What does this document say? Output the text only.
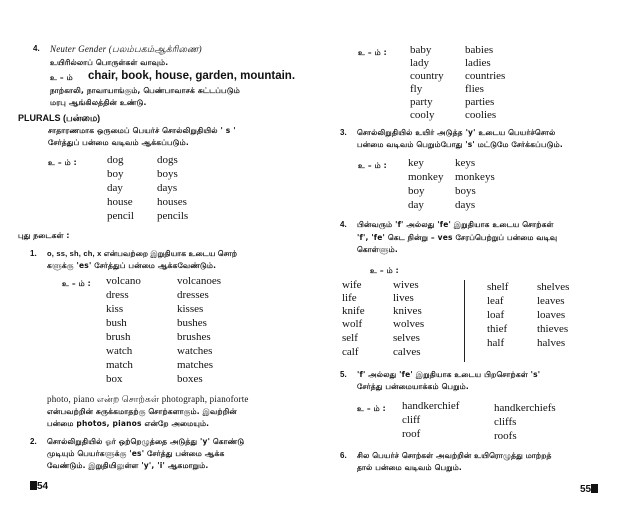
4. Neuter Gender (பலம்பகம்ஆக்ரிணை)
உயிரில்லாப் பொருள்கள் வாவும்.
உ – ம் chair, book, house, garden, mountain.
நாற்காலி, நாவாயாங்கும், பெண்பாவாசக் சுட்டப்படும்
மரபு ஆங்கிலத்தின் உண்டு.
PLURALS (பன்மை)
சாதாரணமாக ஒருமைப் பெயர்ச் சொல்லிறுதியில் ' s '
சேர்த்துப் பன்மை வடிவம் ஆக்கப்படும்.
உ – ம் :	dog
boy
day
house
pencil
dogs
boys
days
houses
pencils
புது நடைகள் :
1. o, ss, sh, ch, x என்பவற்றை இறுதியாக உடைய சொற்
களுக்கு 'es' சேர்த்துப் பன்மை ஆக்கவேண்டும்.
உ – ம் : volcano
dress
kiss
bush
brush
watch
match
box
volcanoes
dresses
kisses
bushes
brushes
watches
matches
boxes
photo, piano என்ற சொற்கள் photograph, pianoforte
என்பவற்றின் சுருக்கமாதற்கு சொற்களாகும். இவற்றின்
பன்மை photos, pianos என்றே அமையும்.
2. சொல்லிறுதியில் ஓர் ஒற்றெழுத்தை அடுத்து 'y' கொண்டு
முடியும் பெயர்களுக்கு 'es' சேர்த்து பன்மை ஆக்க
வேண்டும். இறுதியிலுள்ள 'y', 'i' ஆகமாறும்.
54
உ – ம் : baby
lady
country
fly
party
cooly
babies
ladies
countries
flies
parties
coolies
3. சொல்லிறுதியில் உயிர் அடுத்த 'y' உடைய பெயர்ச்சொல்
பன்மை வடிவம் பெறும்போது 's' மட்டுமே சேர்க்கப்படும்.
உ – ம் : key
monkey
boy
day
keys
monkeys
boys
days
4. பின்வரும் 'f' அல்லது 'fe' இறுதியாக உடைய சொற்கள்
'f', 'fe' கெட நின்று – ves சேரப்பெற்றுப் பன்மை வடிவு
கொள்ளும்.
உ – ம் :
wife
life
knife
wolf
self
calf
wives
lives
knives
wolves
selves
calves
shelf
leaf
loaf
thief
half
shelves
leaves
loaves
thieves
halves
5. 'f' அல்லது 'fe' இறுதியாக உடைய பிறசொற்கள் 's'
சேர்த்து பன்மையாக்கம் பெறும்.
உ – ம் : handkerchief
cliff
roof
handkerchiefs
cliffs
roofs
6. சில பெயர்ச் சொற்கள் அவற்றின் உயிரொழுத்து மாற்றத்
தால் பன்மை வடிவம் பெறும்.
55
